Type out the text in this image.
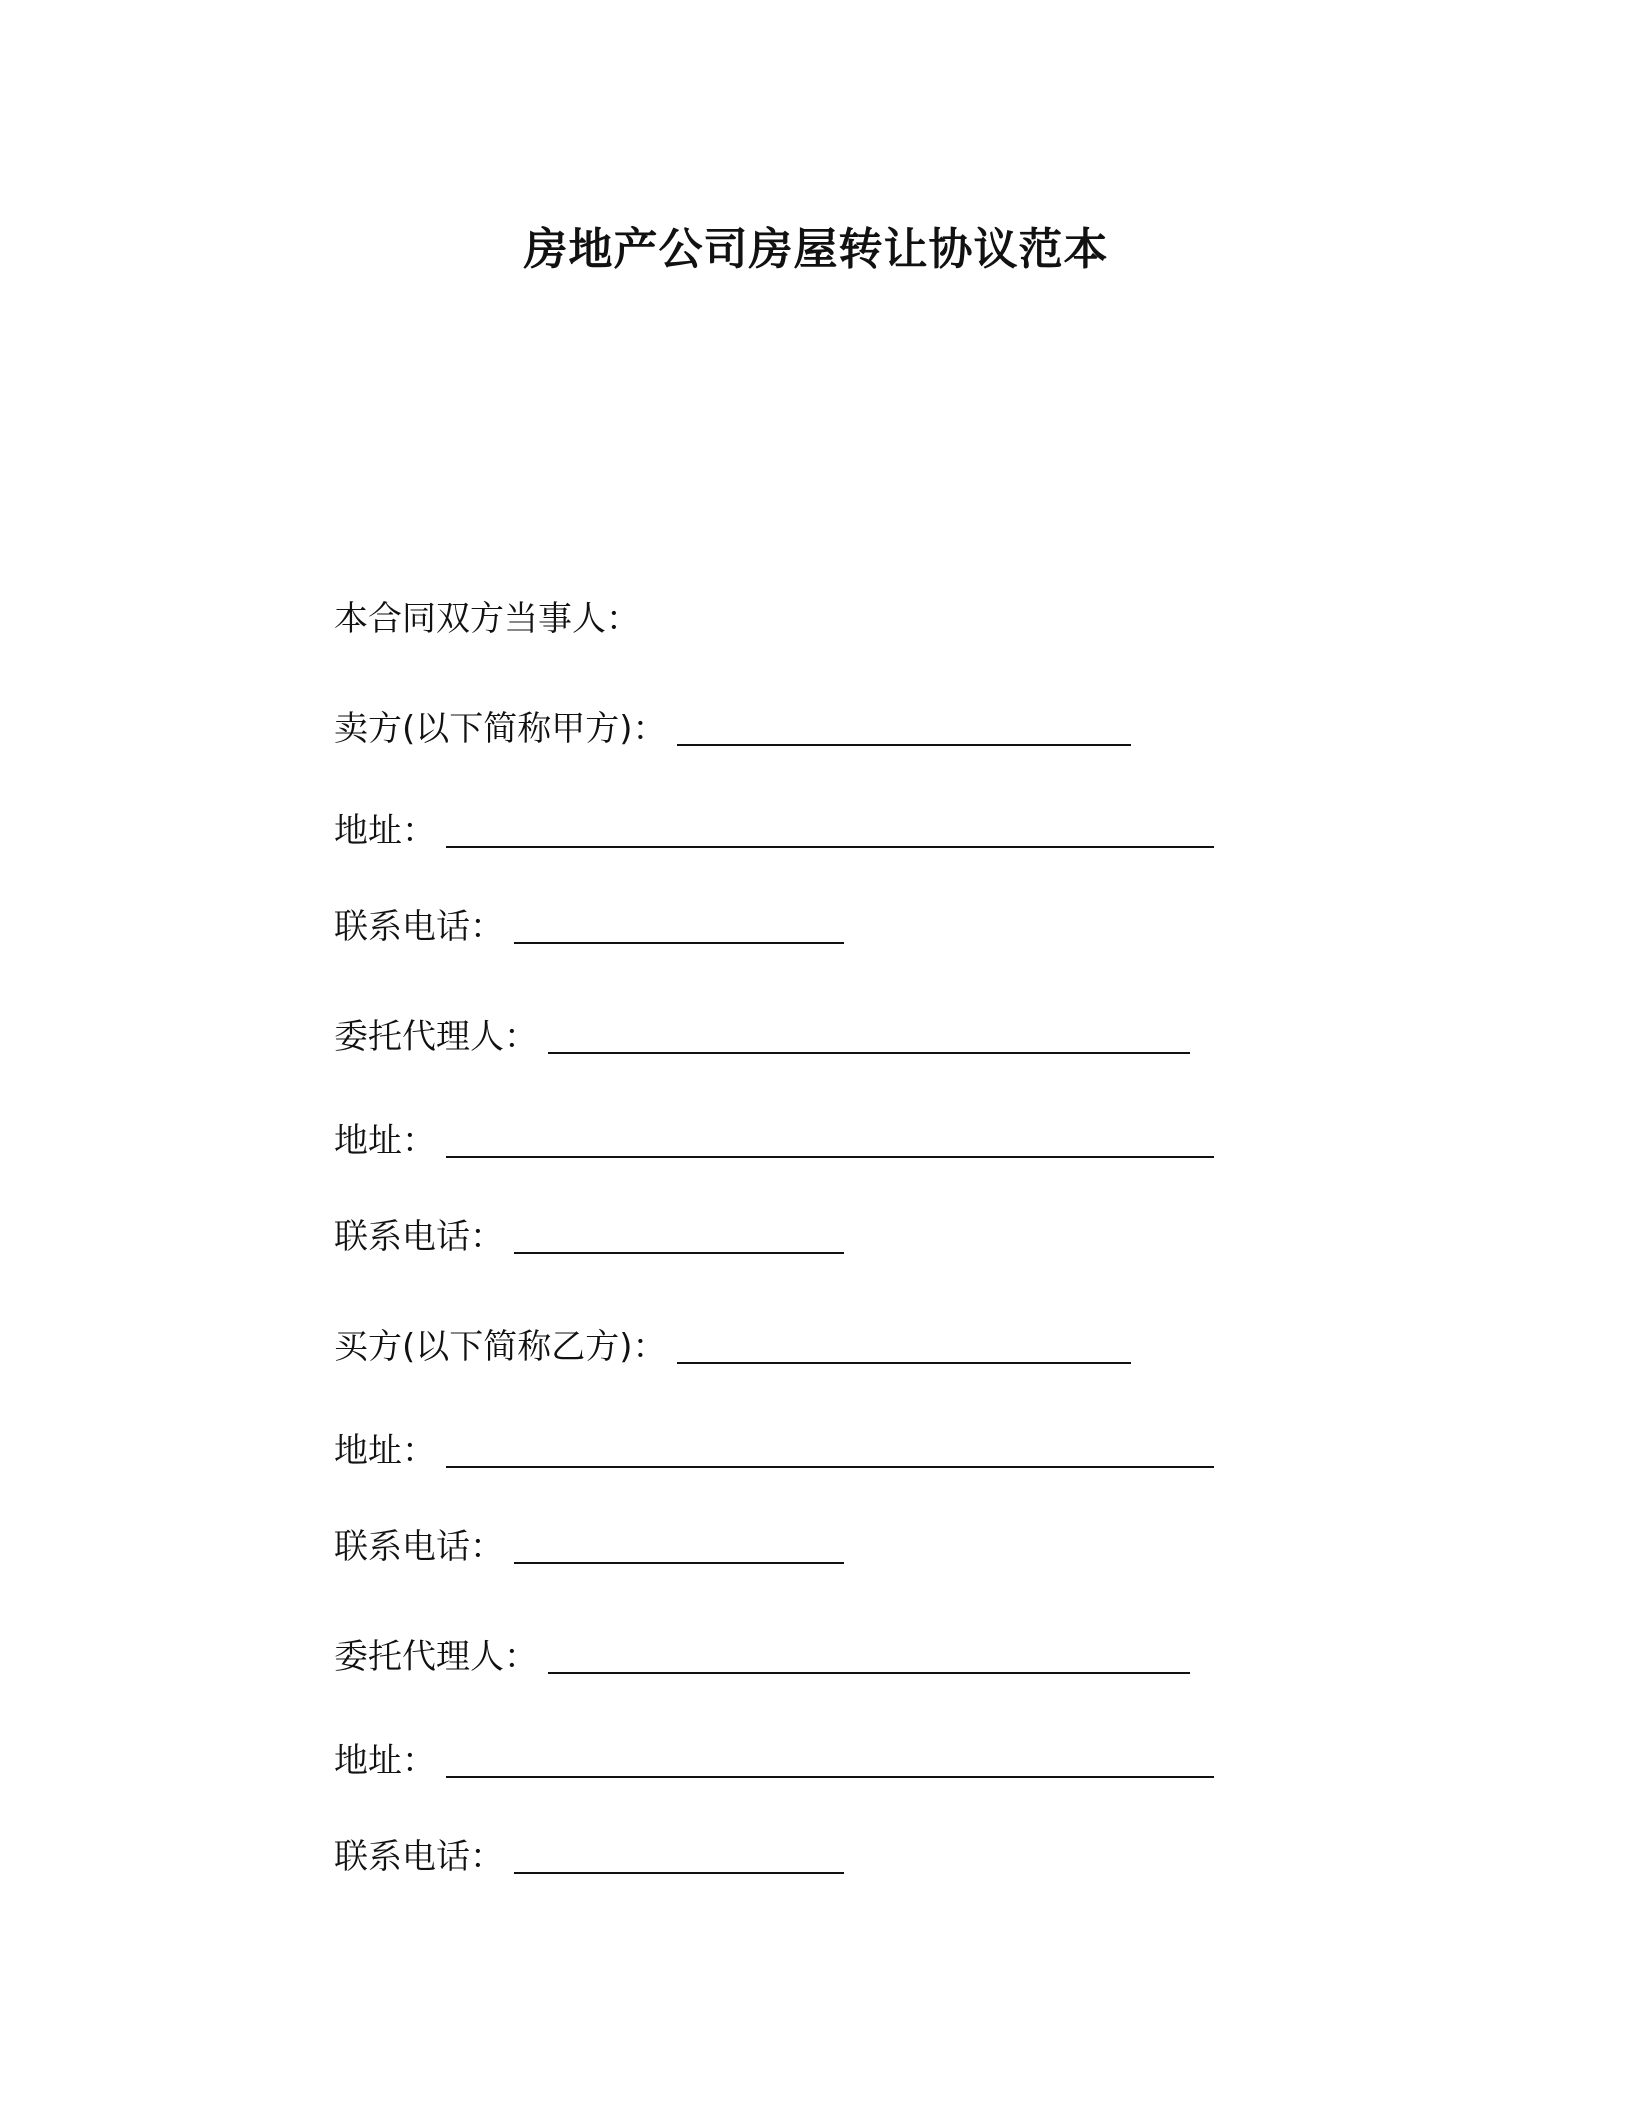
房地产公司房屋转让协议范本

本合同双方当事人：

卖方(以下简称甲方)：
地址：
联系电话：
委托代理人：
地址：
联系电话：
买方(以下简称乙方)：
地址：
联系电话：
委托代理人：
地址：
联系电话：
